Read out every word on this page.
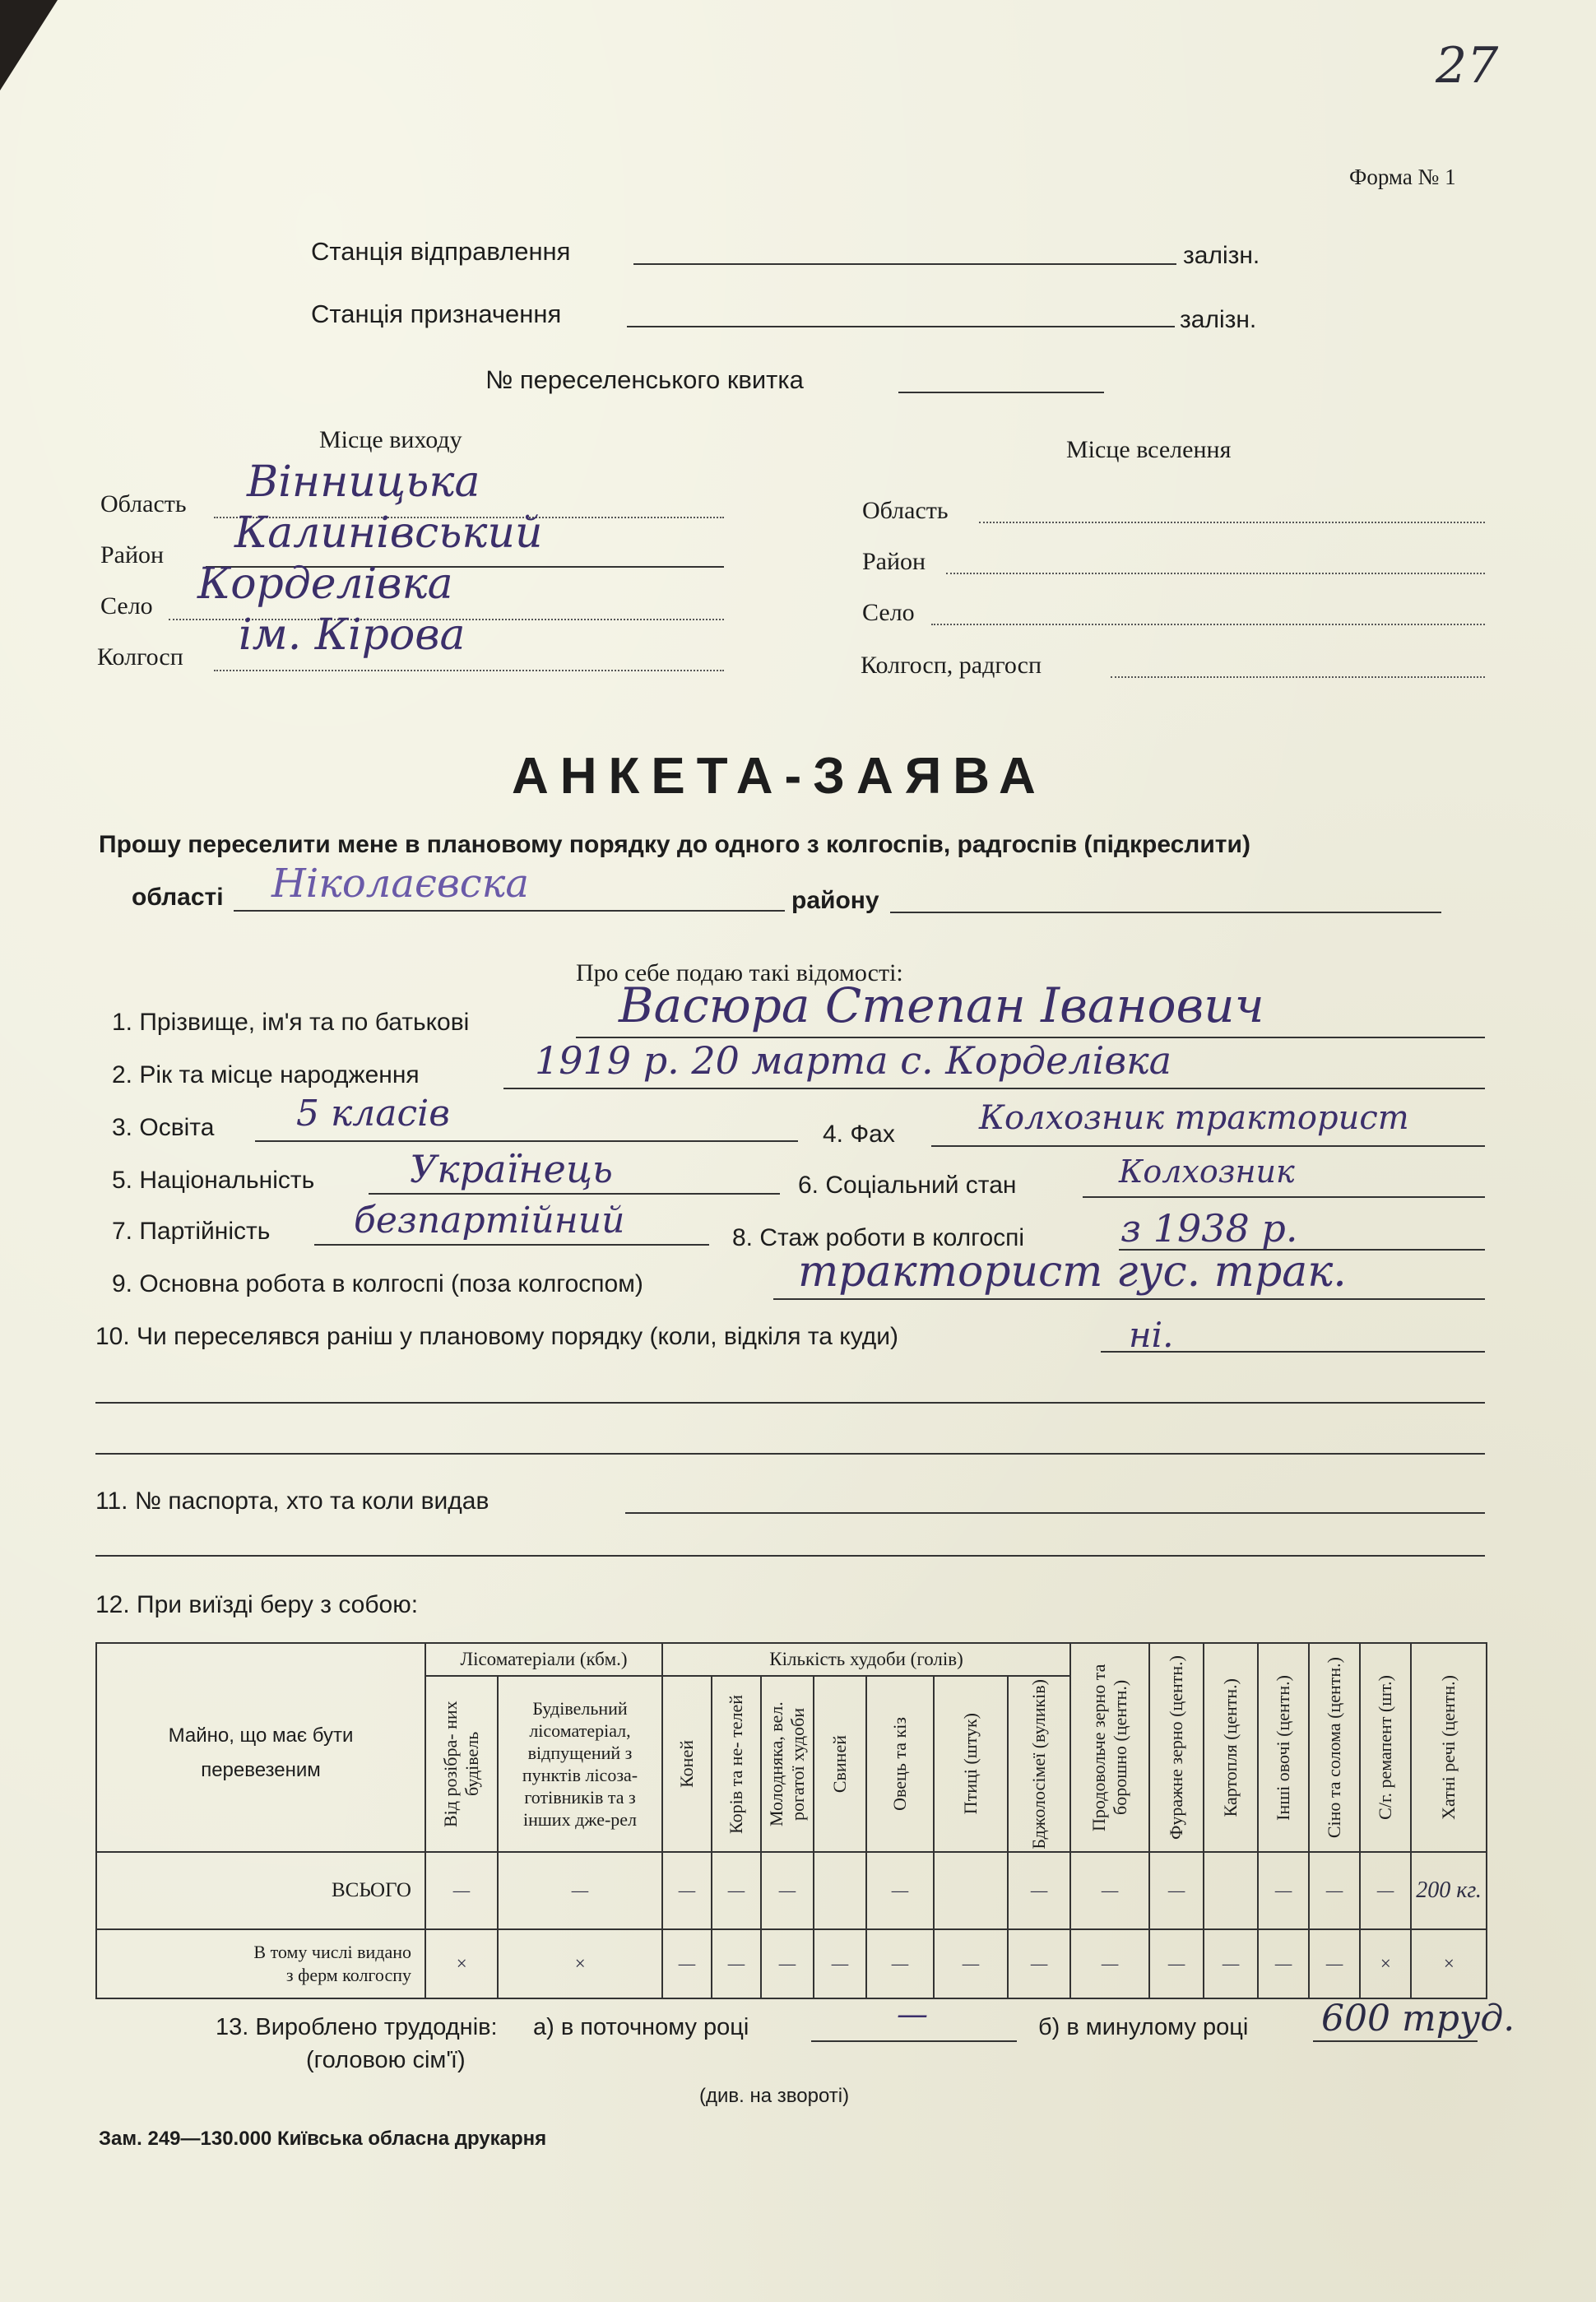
27
Форма № 1
Станція відправлення	залізн.
Станція призначення	залізн.
№ переселенського квитка
Місце виходу
Область Вінницька
Район Калинівський
Село Корделівка
Колгосп ім. Кірова
Місце вселення
Область
Район
Село
Колгосп, радгосп
АНКЕТА-ЗАЯВА
Прошу переселити мене в плановому порядку до одного з колгоспів, радгоспів (підкреслити)
області Ніколаєвска	району
Про себе подаю такі відомості:
1. Прізвище, ім'я та по батькові	Васюра Степан Іванович
2. Рік та місце народження	1919 р. 20 марта с. Корделівка
3. Освіта 5 класів	4. Фах	Колхозник тракторист
5. Національність	Українець	6. Соціальний стан	Колхозник
7. Партійність безпартійний	8. Стаж роботи в колгоспі	з 1938 р.
9. Основна робота в колгоспі (поза колгоспом)	тракторист гус. трак.
10. Чи переселявся раніш у плановому порядку (коли, відкіля та куди)	ні.
11. № паспорта, хто та коли видав
12. При виїзді беру з собою:
Майно, що має бути
перевезеним	Лісоматеріали (кбм.)		Кількість худоби (голів)							Продовольче зерно та борошно (центн.)	Фуражне зерно (центн.)	Картопля (центн.)	Інші овочі (центн.)	Сіно та солома (центн.)	С/г. ремапент (шт.)	Хатні речі (центн.)

	Від розібра- них будівель	Будівельний лісоматеріал, відпущений з пунктів лісоза-готівників та з інших дже-рел	Коней	Корів та не- телей	Молодняка, вел. рогатої худоби	Свиней	Овець та кіз	Птиці (штук)	Бджолосімеї (вуликів)							

ВСЬОГО	—	—	—	—	—		—		—	—	—		—	—	—	200 кг.

В тому числі видано
з ферм колгоспу	×	×	—	—	—	—	—	—	—	—	—	—	—	—	×	×
13. Вироблено трудоднів: а) в поточному році	—	б) в минулому році 600 труд.
(головою сім'ї)
(див. на звороті)
Зам. 249—130.000 Київська обласна друкарня
